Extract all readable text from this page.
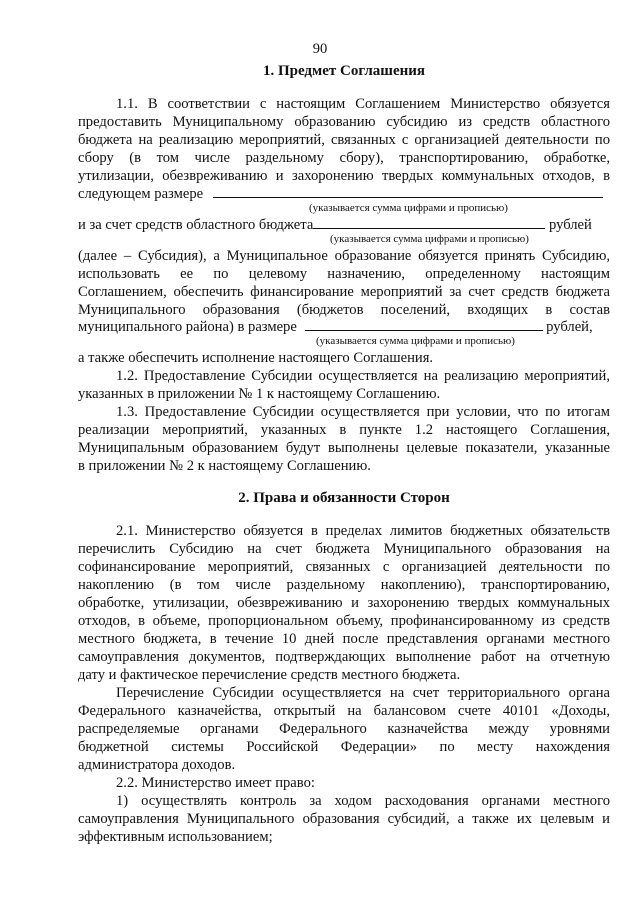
90
1. Предмет Соглашения
1.1. В соответствии с настоящим Соглашением Министерство обязуется
предоставить Муниципальному образованию субсидию из средств областного
бюджета на реализацию мероприятий, связанных с организацией деятельности по
сбору (в том числе раздельному сбору), транспортированию, обработке,
утилизации, обезвреживанию и захоронению твердых коммунальных отходов, в
следующем размере
(указывается сумма цифрами и прописью)
и за счет средств областного бюджета	рублей
(указывается сумма цифрами и прописью)
(далее – Субсидия), а Муниципальное образование обязуется принять Субсидию,
использовать ее по целевому назначению, определенному настоящим
Соглашением, обеспечить финансирование мероприятий за счет средств бюджета
Муниципального образования (бюджетов поселений, входящих в состав
муниципального района) в размере	рублей,
(указывается сумма цифрами и прописью)
а также обеспечить исполнение настоящего Соглашения.
1.2. Предоставление Субсидии осуществляется на реализацию мероприятий,
указанных в приложении № 1 к настоящему Соглашению.
1.3. Предоставление Субсидии осуществляется при условии, что по итогам
реализации мероприятий, указанных в пункте 1.2 настоящего Соглашения,
Муниципальным образованием будут выполнены целевые показатели, указанные
в приложении № 2 к настоящему Соглашению.
2. Права и обязанности Сторон
2.1. Министерство обязуется в пределах лимитов бюджетных обязательств
перечислить Субсидию на счет бюджета Муниципального образования на
софинансирование мероприятий, связанных с организацией деятельности по
накоплению (в том числе раздельному накоплению), транспортированию,
обработке, утилизации, обезвреживанию и захоронению твердых коммунальных
отходов, в объеме, пропорциональном объему, профинансированному из средств
местного бюджета, в течение 10 дней после представления органами местного
самоуправления документов, подтверждающих выполнение работ на отчетную
дату и фактическое перечисление средств местного бюджета.
Перечисление Субсидии осуществляется на счет территориального органа
Федерального казначейства, открытый на балансовом счете 40101 «Доходы,
распределяемые органами Федерального казначейства между уровнями
бюджетной системы Российской Федерации» по месту нахождения
администратора доходов.
2.2. Министерство имеет право:
1) осуществлять контроль за ходом расходования органами местного
самоуправления Муниципального образования субсидий, а также их целевым и
эффективным использованием;
